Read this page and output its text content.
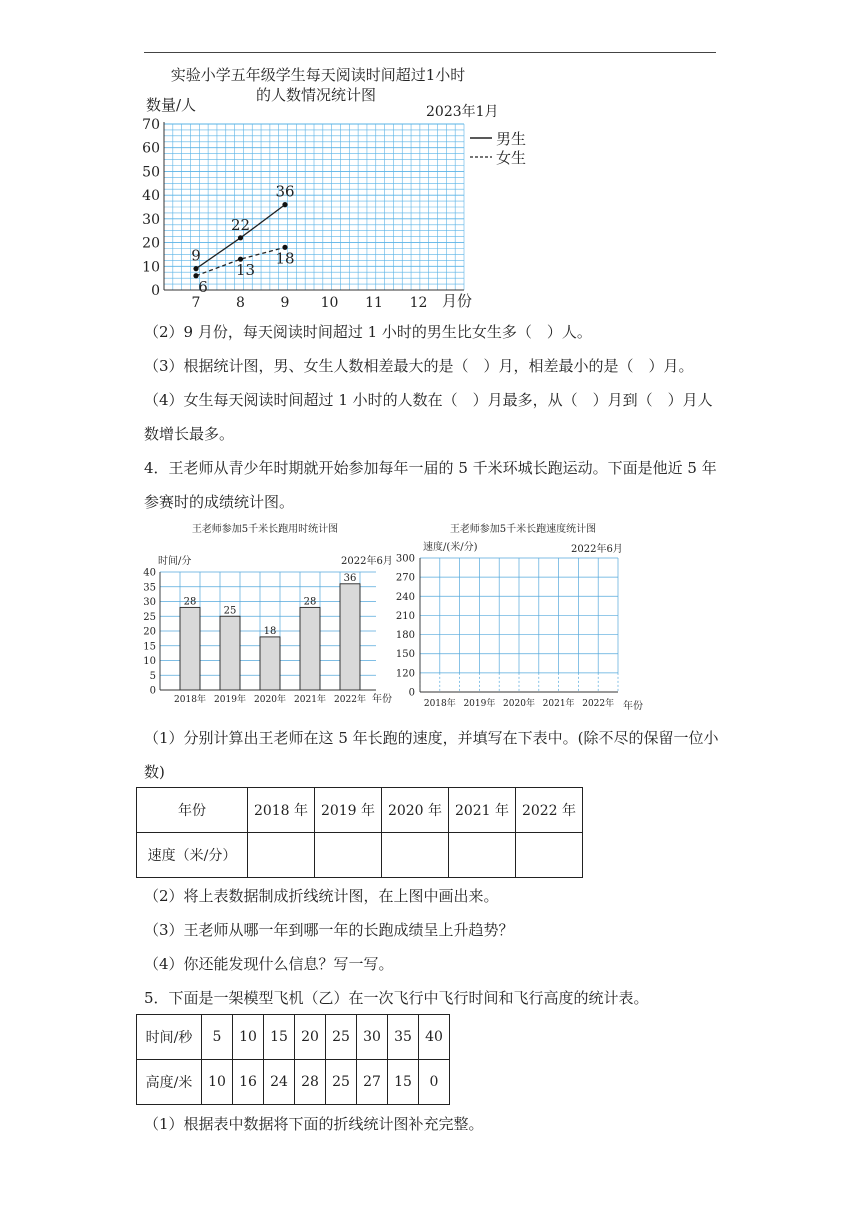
实验小学五年级学生每天阅读时间超过1小时
的人数情况统计图
数量/人	2023年1月
男生
女生
0
10
20
30
40
50
60
70
7	8	9 10 11 12
9
22
36
6
13
18
月份
（2）9 月份，每天阅读时间超过 1 小时的男生比女生多（　）人。
（3）根据统计图，男、女生人数相差最大的是（　）月，相差最小的是（　）月。
（4）女生每天阅读时间超过 1 小时的人数在（　）月最多，从（　）月到（　）月人
数增长最多。
4．王老师从青少年时期就开始参加每年一届的 5 千米环城长跑运动。下面是他近 5 年
参赛时的成绩统计图。
王老师参加5千米长跑用时统计图
时间/分	2022年6月
28
25
18
28
36
0
5
10
15
20
25
30
35
40
2018年 2019年 2020年 2021年 2022年 年份
王老师参加5千米长跑速度统计图
速度/(米/分)	2022年6月
0
120
150
180
210
240
270
300
2018年 2019年 2020年 2021年 2022年 年份
（1）分别计算出王老师在这 5 年长跑的速度，并填写在下表中。(除不尽的保留一位小
数)
年份	2018 年	2019 年	2020 年	2021 年	2022 年
速度（米/分）					
（2）将上表数据制成折线统计图，在上图中画出来。
（3）王老师从哪一年到哪一年的长跑成绩呈上升趋势？
（4）你还能发现什么信息？写一写。
5．下面是一架模型飞机（乙）在一次飞行中飞行时间和飞行高度的统计表。
时间/秒	5	10	15	20	25	30	35	40
高度/米	10	16	24	28	25	27	15	0
（1）根据表中数据将下面的折线统计图补充完整。
